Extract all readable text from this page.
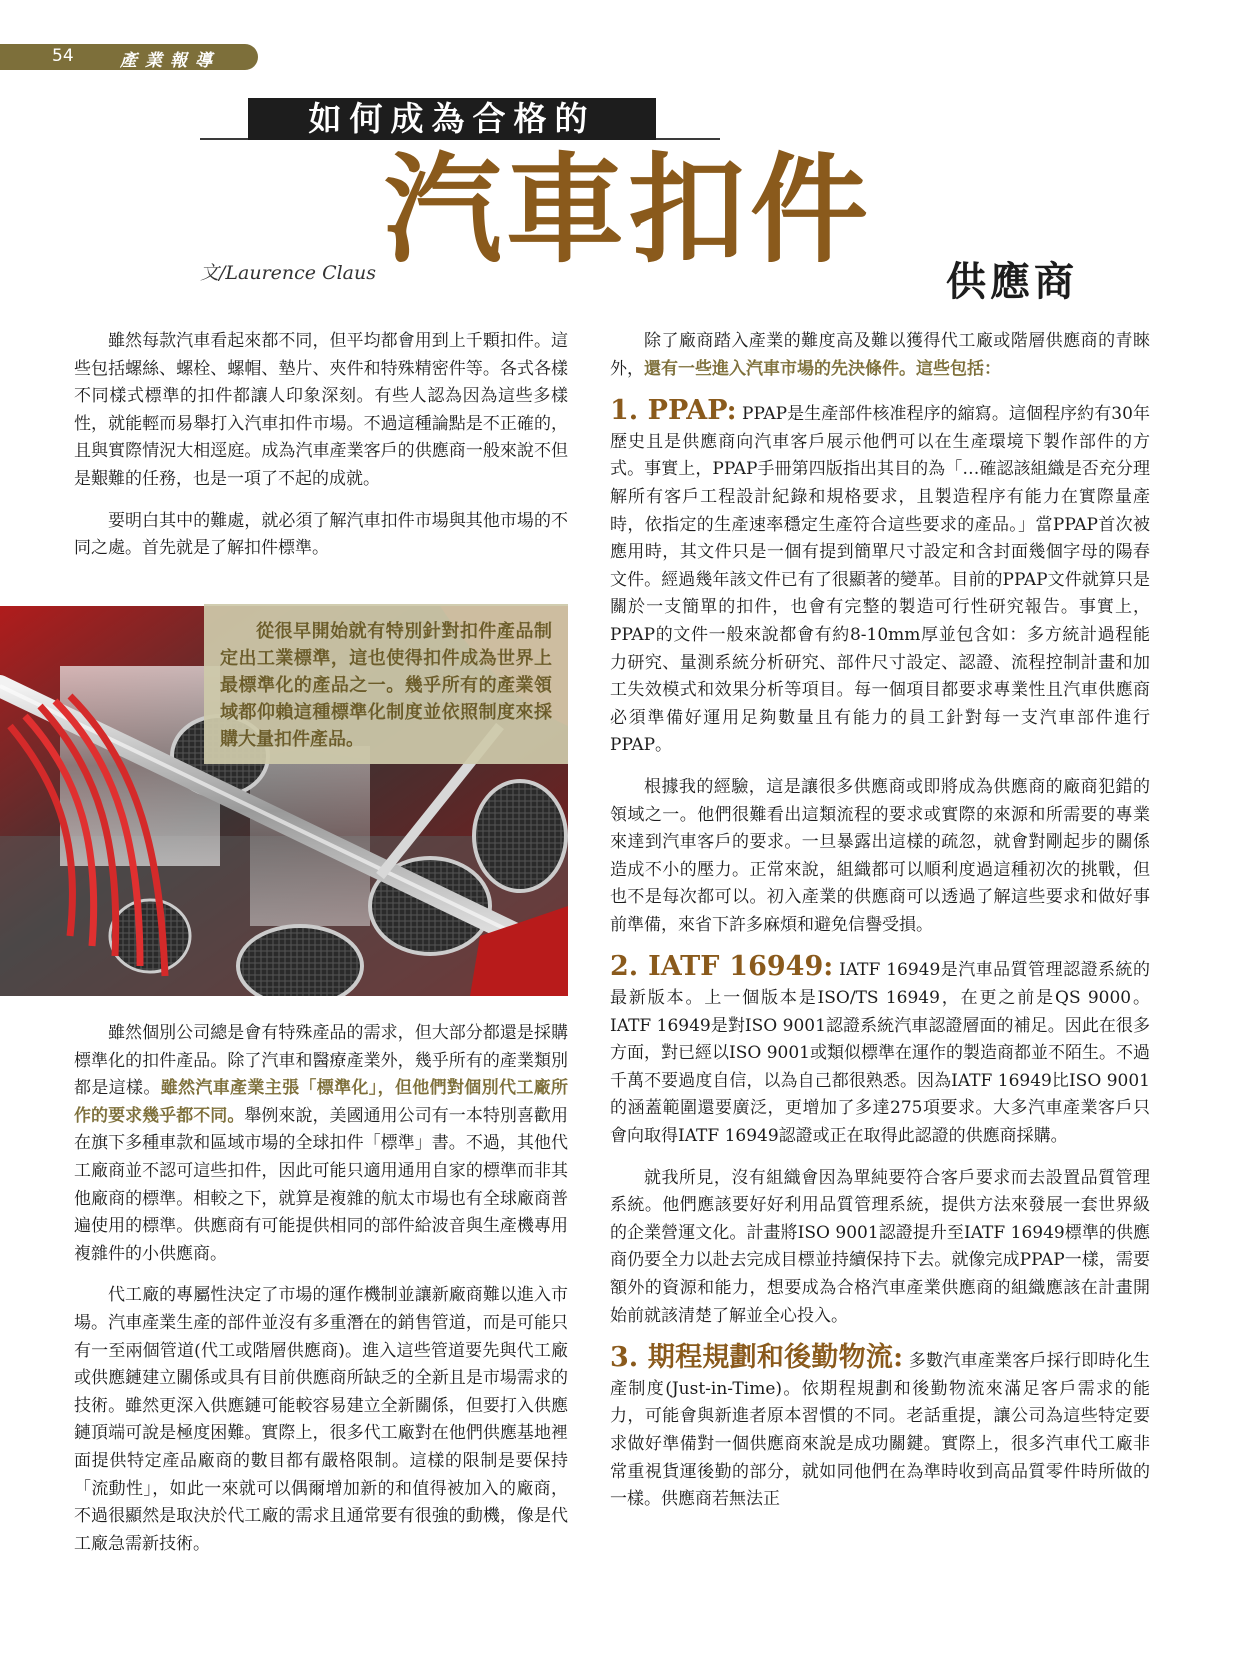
54	產業報導
如何成為合格的
汽車扣件
供應商
文/Laurence Claus

雖然每款汽車看起來都不同，但平均都會用到上千顆扣件。這些包括螺絲、螺栓、螺帽、墊片、夾件和特殊精密件等。各式各樣不同樣式標準的扣件都讓人印象深刻。有些人認為因為這些多樣性，就能輕而易舉打入汽車扣件市場。不過這種論點是不正確的，且與實際情況大相逕庭。成為汽車產業客戶的供應商一般來說不但是艱難的任務，也是一項了不起的成就。

要明白其中的難處，就必須了解汽車扣件市場與其他市場的不同之處。首先就是了解扣件標準。

從很早開始就有特別針對扣件產品制定出工業標準，這也使得扣件成為世界上最標準化的產品之一。幾乎所有的產業領域都仰賴這種標準化制度並依照制度來採購大量扣件產品。

雖然個別公司總是會有特殊產品的需求，但大部分都還是採購標準化的扣件產品。除了汽車和醫療產業外，幾乎所有的產業類別都是這樣。雖然汽車產業主張「標準化」，但他們對個別代工廠所作的要求幾乎都不同。舉例來說，美國通用公司有一本特別喜歡用在旗下多種車款和區域市場的全球扣件「標準」書。不過，其他代工廠商並不認可這些扣件，因此可能只適用通用自家的標準而非其他廠商的標準。相較之下，就算是複雜的航太市場也有全球廠商普遍使用的標準。供應商有可能提供相同的部件給波音與生產機專用複雜件的小供應商。

代工廠的專屬性決定了市場的運作機制並讓新廠商難以進入市場。汽車產業生產的部件並沒有多重潛在的銷售管道，而是可能只有一至兩個管道(代工或階層供應商)。進入這些管道要先與代工廠或供應鏈建立關係或具有目前供應商所缺乏的全新且是市場需求的技術。雖然更深入供應鏈可能較容易建立全新關係，但要打入供應鏈頂端可說是極度困難。實際上，很多代工廠對在他們供應基地裡面提供特定產品廠商的數目都有嚴格限制。這樣的限制是要保持「流動性」，如此一來就可以偶爾增加新的和值得被加入的廠商，不過很顯然是取決於代工廠的需求且通常要有很強的動機，像是代工廠急需新技術。

除了廠商踏入產業的難度高及難以獲得代工廠或階層供應商的青睞外，還有一些進入汽車市場的先決條件。這些包括：

1. PPAP: PPAP是生產部件核准程序的縮寫。這個程序約有30年歷史且是供應商向汽車客戶展示他們可以在生產環境下製作部件的方式。事實上，PPAP手冊第四版指出其目的為「…確認該組織是否充分理解所有客戶工程設計紀錄和規格要求，且製造程序有能力在實際量產時，依指定的生產速率穩定生產符合這些要求的產品。」當PPAP首次被應用時，其文件只是一個有提到簡單尺寸設定和含封面幾個字母的陽春文件。經過幾年該文件已有了很顯著的變革。目前的PPAP文件就算只是關於一支簡單的扣件，也會有完整的製造可行性研究報告。事實上，PPAP的文件一般來說都會有約8-10mm厚並包含如：多方統計過程能力研究、量測系統分析研究、部件尺寸設定、認證、流程控制計畫和加工失效模式和效果分析等項目。每一個項目都要求專業性且汽車供應商必須準備好運用足夠數量且有能力的員工針對每一支汽車部件進行PPAP。

根據我的經驗，這是讓很多供應商或即將成為供應商的廠商犯錯的領域之一。他們很難看出這類流程的要求或實際的來源和所需要的專業來達到汽車客戶的要求。一旦暴露出這樣的疏忽，就會對剛起步的關係造成不小的壓力。正常來說，組織都可以順利度過這種初次的挑戰，但也不是每次都可以。初入產業的供應商可以透過了解這些要求和做好事前準備，來省下許多麻煩和避免信譽受損。

2. IATF 16949: IATF 16949是汽車品質管理認證系統的最新版本。上一個版本是ISO/TS 16949，在更之前是QS 9000。IATF 16949是對ISO 9001認證系統汽車認證層面的補足。因此在很多方面，對已經以ISO 9001或類似標準在運作的製造商都並不陌生。不過千萬不要過度自信，以為自己都很熟悉。因為IATF 16949比ISO 9001的涵蓋範圍還要廣泛，更增加了多達275項要求。大多汽車產業客戶只會向取得IATF 16949認證或正在取得此認證的供應商採購。

就我所見，沒有組織會因為單純要符合客戶要求而去設置品質管理系統。他們應該要好好利用品質管理系統，提供方法來發展一套世界級的企業營運文化。計畫將ISO 9001認證提升至IATF 16949標準的供應商仍要全力以赴去完成目標並持續保持下去。就像完成PPAP一樣，需要額外的資源和能力，想要成為合格汽車產業供應商的組織應該在計畫開始前就該清楚了解並全心投入。

3. 期程規劃和後勤物流: 多數汽車產業客戶採行即時化生產制度(Just-in-Time)。依期程規劃和後勤物流來滿足客戶需求的能力，可能會與新進者原本習慣的不同。老話重提，讓公司為這些特定要求做好準備對一個供應商來說是成功關鍵。實際上，很多汽車代工廠非常重視貨運後勤的部分，就如同他們在為準時收到高品質零件時所做的一樣。供應商若無法正
